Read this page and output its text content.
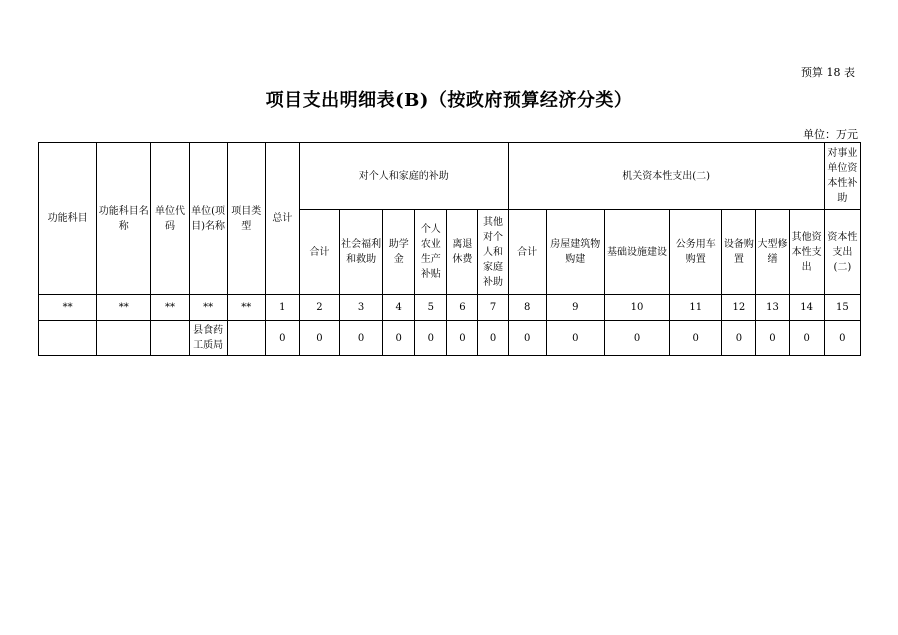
预算 18 表
项目支出明细表(B)（按政府预算经济分类）
单位：万元
功能科目	功能科目名称	单位代码	单位(项目)名称	项目类型	总计	对个人和家庭的补助						机关资本性支出(二)							对事业单位资本性补助
						合计	社会福利和救助	助学金	个人农业生产补贴	离退休费	其他对个人和家庭补助	合计	房屋建筑物购建	基础设施建设	公务用车购置	设备购置	大型修缮	其他资本性支出	资本性支出(二)
**	**	**	**	**	1	2	3	4	5	6	7	8	9	10	11	12	13	14	15
			县食药工质局		0	0	0	0	0	0	0	0	0	0	0	0	0	0	0
